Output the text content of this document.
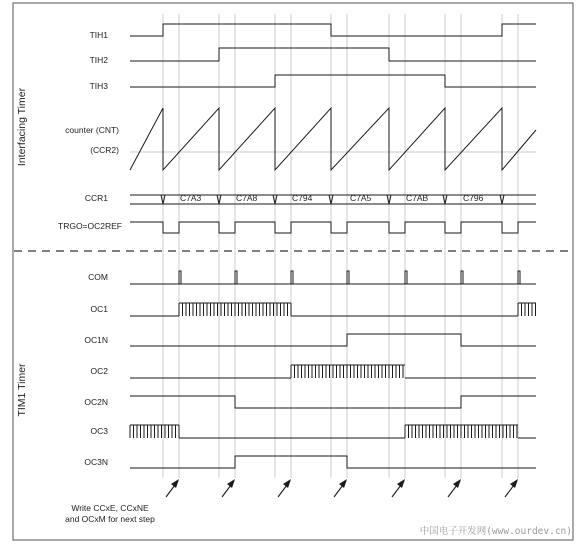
Interfacing Timer
TIM1 Timer
TIH1
TIH2
TIH3
counter (CNT)
(CCR2)
CCR1
TRGO=OC2REF
COM
OC1
OC1N
OC2
OC2N
OC3
OC3N
C7A3	C7A8	C794	C7A5	C7AB	C796
Write CCxE, CCxNE
and OCxM for next step
中国电子开发网(www.ourdev.cn)
